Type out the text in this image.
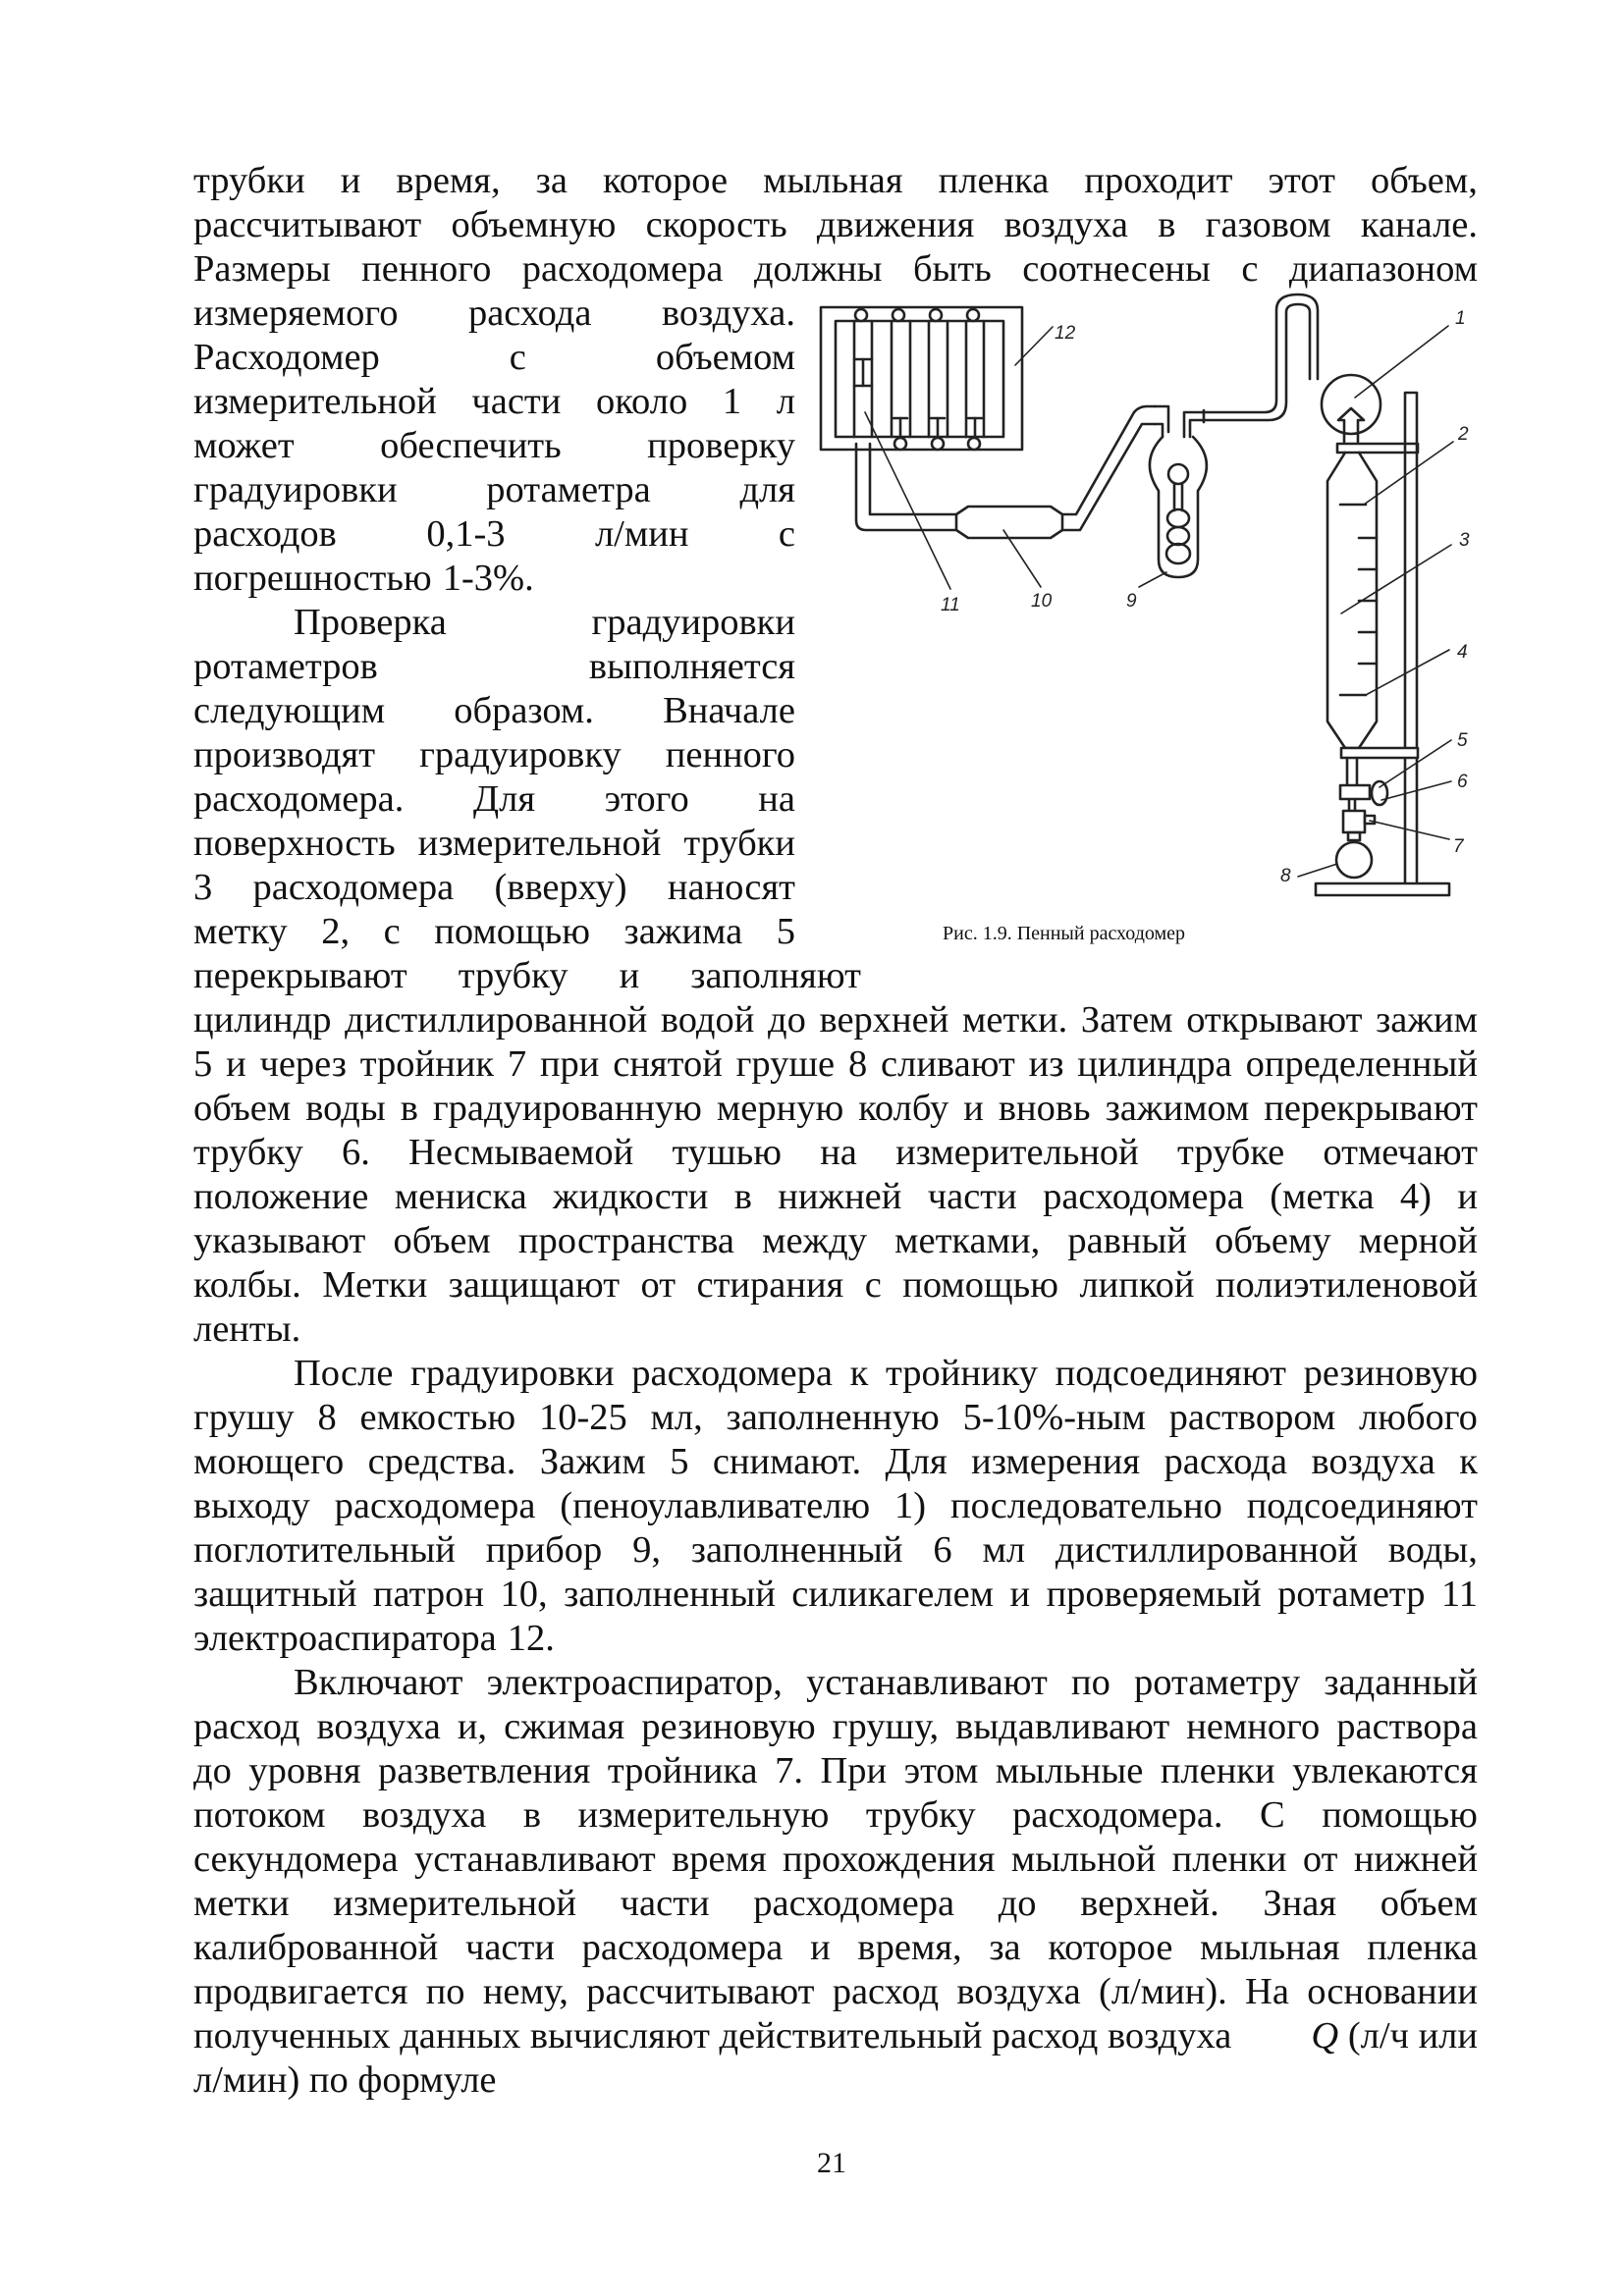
трубки и время, за которое мыльная пленка проходит этот объем,
рассчитывают объемную скорость движения воздуха в газовом канале.
Размеры пенного расходомера должны быть соотнесены с диапазоном
измеряемого расхода воздуха.
Расходомер	с	объемом
измерительной части около 1 л
может обеспечить проверку
градуировки ротаметра для
расходов 0,1-3 л/мин с
погрешностью 1-3%.
Проверка	градуировки
ротаметров	выполняется
следующим образом. Вначале
производят градуировку пенного
расходомера. Для этого на
поверхность измерительной трубки
3 расходомера (вверху) наносят
метку 2, с помощью зажима 5
перекрывают трубку и заполняют
цилиндр дистиллированной водой до верхней метки. Затем открывают зажим
5 и через тройник 7 при снятой груше 8 сливают из цилиндра определенный
объем воды в градуированную мерную колбу и вновь зажимом перекрывают
трубку 6. Несмываемой тушью на измерительной трубке отмечают
положение мениска жидкости в нижней части расходомера (метка 4) и
указывают объем пространства между метками, равный объему мерной
колбы. Метки защищают от стирания с помощью липкой полиэтиленовой
ленты.
После градуировки расходомера к тройнику подсоединяют резиновую
грушу 8 емкостью 10-25 мл, заполненную 5-10%-ным раствором любого
моющего средства. Зажим 5 снимают. Для измерения расхода воздуха к
выходу расходомера (пеноулавливателю 1) последовательно подсоединяют
поглотительный прибор 9, заполненный 6 мл дистиллированной воды,
защитный патрон 10, заполненный силикагелем и проверяемый ротаметр 11
электроаспиратора 12.
Включают электроаспиратор, устанавливают по ротаметру заданный
расход воздуха и, сжимая резиновую грушу, выдавливают немного раствора
до уровня разветвления тройника 7. При этом мыльные пленки увлекаются
потоком воздуха в измерительную трубку расходомера. С помощью
секундомера устанавливают время прохождения мыльной пленки от нижней
метки измерительной части расходомера до верхней. Зная объем
калиброванной части расходомера и время, за которое мыльная пленка
продвигается по нему, рассчитывают расход воздуха (л/мин). На основании
полученных данных вычисляют действительный расход воздуха Q (л/ч или
л/мин) по формуле
1
2
3
4
5
6
7
8
9
10
11
12
Рис. 1.9. Пенный расходомер
21
